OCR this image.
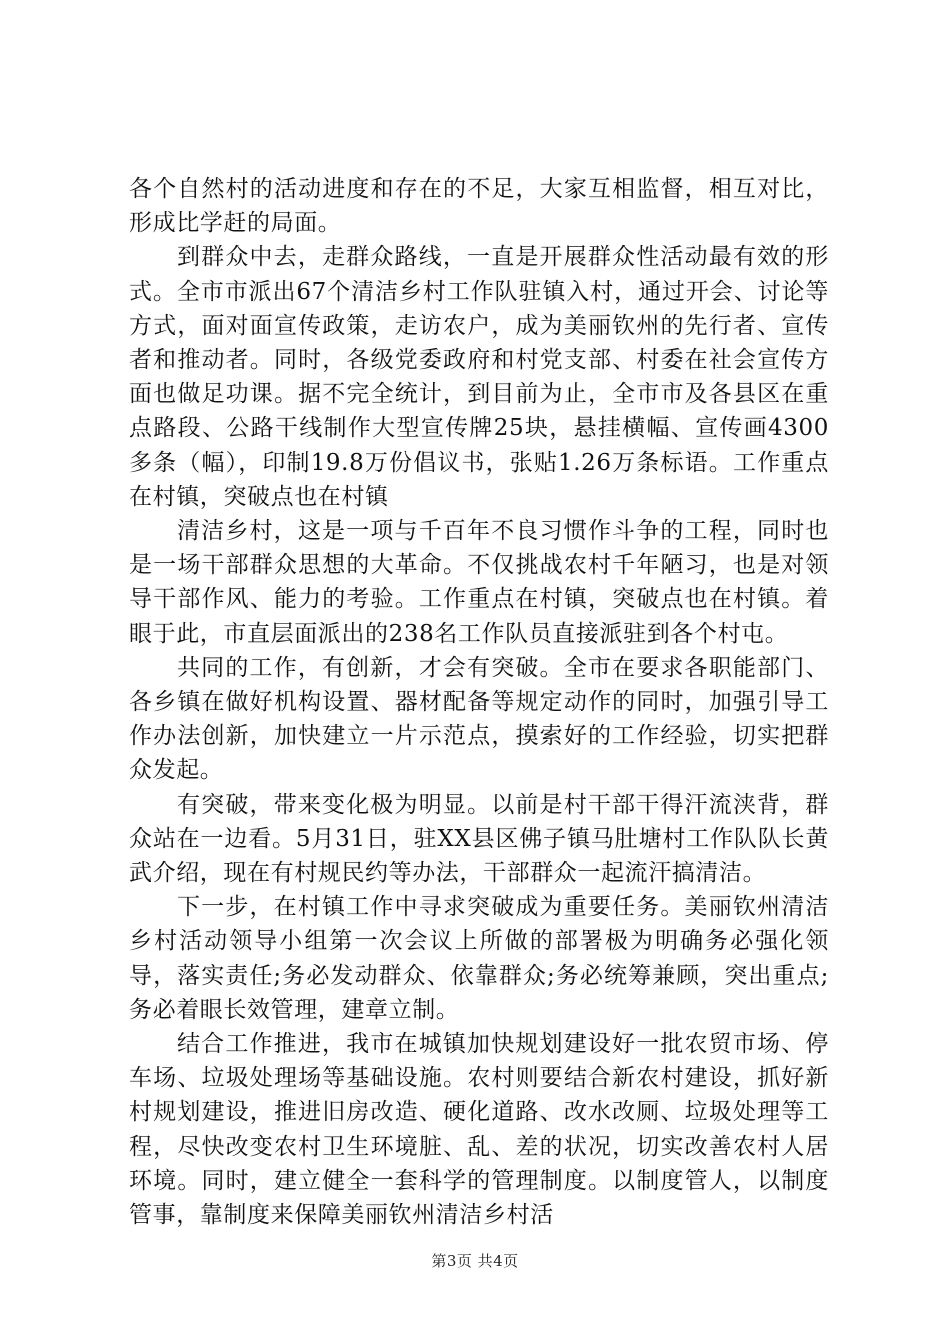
各个自然村的活动进度和存在的不足，大家互相监督，相互对比，形成比学赶的局面。

到群众中去，走群众路线，一直是开展群众性活动最有效的形式。全市市派出67个清洁乡村工作队驻镇入村，通过开会、讨论等方式，面对面宣传政策，走访农户，成为美丽钦州的先行者、宣传者和推动者。同时，各级党委政府和村党支部、村委在社会宣传方面也做足功课。据不完全统计，到目前为止，全市市及各县区在重点路段、公路干线制作大型宣传牌25块，悬挂横幅、宣传画4300多条（幅），印制19.8万份倡议书，张贴1.26万条标语。工作重点在村镇，突破点也在村镇

清洁乡村，这是一项与千百年不良习惯作斗争的工程，同时也是一场干部群众思想的大革命。不仅挑战农村千年陋习，也是对领导干部作风、能力的考验。工作重点在村镇，突破点也在村镇。着眼于此，市直层面派出的238名工作队员直接派驻到各个村屯。

共同的工作，有创新，才会有突破。全市在要求各职能部门、各乡镇在做好机构设置、器材配备等规定动作的同时，加强引导工作办法创新，加快建立一片示范点，摸索好的工作经验，切实把群众发起。

有突破，带来变化极为明显。以前是村干部干得汗流浃背，群众站在一边看。5月31日，驻XX县区佛子镇马肚塘村工作队队长黄武介绍，现在有村规民约等办法，干部群众一起流汗搞清洁。

下一步，在村镇工作中寻求突破成为重要任务。美丽钦州清洁乡村活动领导小组第一次会议上所做的部署极为明确务必强化领导，落实责任;务必发动群众、依靠群众;务必统筹兼顾，突出重点;务必着眼长效管理，建章立制。

结合工作推进，我市在城镇加快规划建设好一批农贸市场、停车场、垃圾处理场等基础设施。农村则要结合新农村建设，抓好新村规划建设，推进旧房改造、硬化道路、改水改厕、垃圾处理等工程，尽快改变农村卫生环境脏、乱、差的状况，切实改善农村人居环境。同时，建立健全一套科学的管理制度。以制度管人，以制度管事，靠制度来保障美丽钦州清洁乡村活

第3页 共4页
